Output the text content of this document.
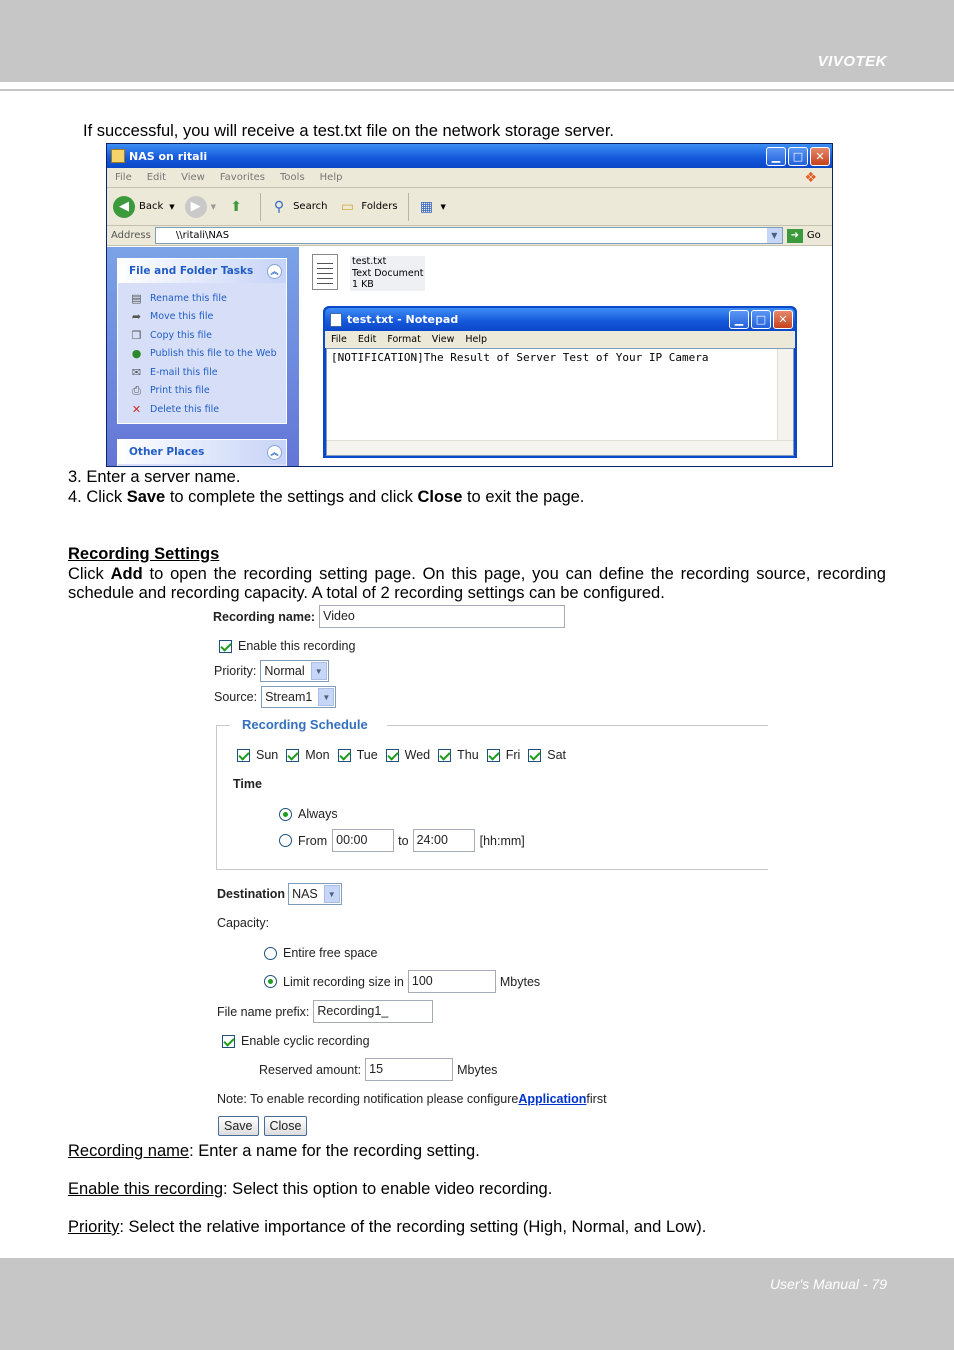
VIVOTEK
If successful, you will receive a test.txt file on the network storage server.
NAS on ritali	▁	□	✕
File Edit View Favorites Tools Help	❖
◀	Back ▼	▶	▼ ⬆	⚲ Search ▭ Folders ▦	▼
Address	\\ritali\NAS	▼	➜ Go
File and Folder Tasks	︽
▤ Rename this file
➦ Move this file
❐ Copy this file
● Publish this file to the Web
✉ E-mail this file
⎙ Print this file
✕ Delete this file
Other Places	︽
test.txt
Text Document
1 KB
test.txt - Notepad	▁	□	✕
File Edit Format View Help
[NOTIFICATION]The Result of Server Test of Your IP Camera
3. Enter a server name.
4. Click Save to complete the settings and click Close to exit the page.
Recording Settings
Click Add to open the recording setting page. On this page, you can define the recording source, recording schedule and recording capacity. A total of 2 recording settings can be configured.
Recording name: Video
Enable this recording
Priority: Normal	▼
Source: Stream1	▼
Recording Schedule
Sun Mon Tue Wed Thu Fri Sat
Time
Always
From 00:00	to 24:00	[hh:mm]
Destination NAS	▼
Capacity:
Entire free space
Limit recording size in 100	Mbytes
File name prefix: Recording1_
Enable cyclic recording
Reserved amount: 15	Mbytes
Note: To enable recording notification please configure Application first
Save	Close
Recording name: Enter a name for the recording setting.
Enable this recording: Select this option to enable video recording.
Priority: Select the relative importance of the recording setting (High, Normal, and Low).
User's Manual - 79
